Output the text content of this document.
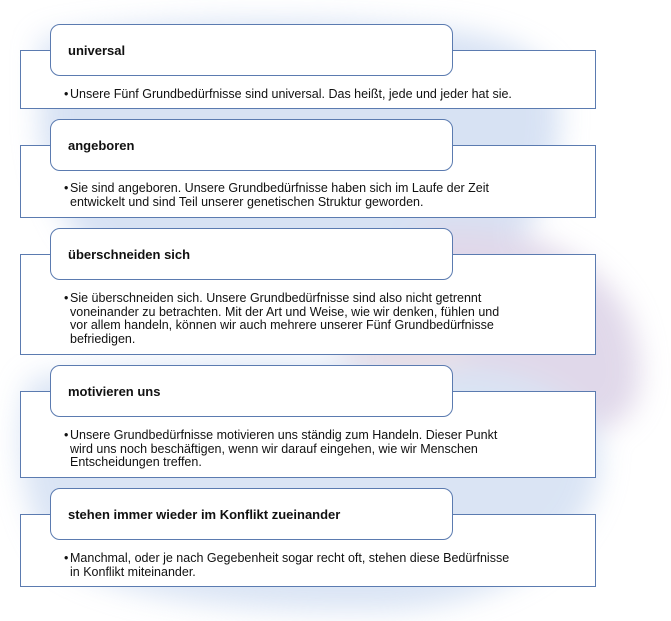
universal
• Unsere Fünf Grundbedürfnisse sind universal. Das heißt, jede und jeder hat sie.
angeboren
• Sie sind angeboren. Unsere Grundbedürfnisse haben sich im Laufe der Zeit
entwickelt und sind Teil unserer genetischen Struktur geworden.
überschneiden sich
• Sie überschneiden sich. Unsere Grundbedürfnisse sind also nicht getrennt
voneinander zu betrachten. Mit der Art und Weise, wie wir denken, fühlen und
vor allem handeln, können wir auch mehrere unserer Fünf Grundbedürfnisse
befriedigen.
motivieren uns
• Unsere Grundbedürfnisse motivieren uns ständig zum Handeln. Dieser Punkt
wird uns noch beschäftigen, wenn wir darauf eingehen, wie wir Menschen
Entscheidungen treffen.
stehen immer wieder im Konflikt zueinander
• Manchmal, oder je nach Gegebenheit sogar recht oft, stehen diese Bedürfnisse
in Konflikt miteinander.
